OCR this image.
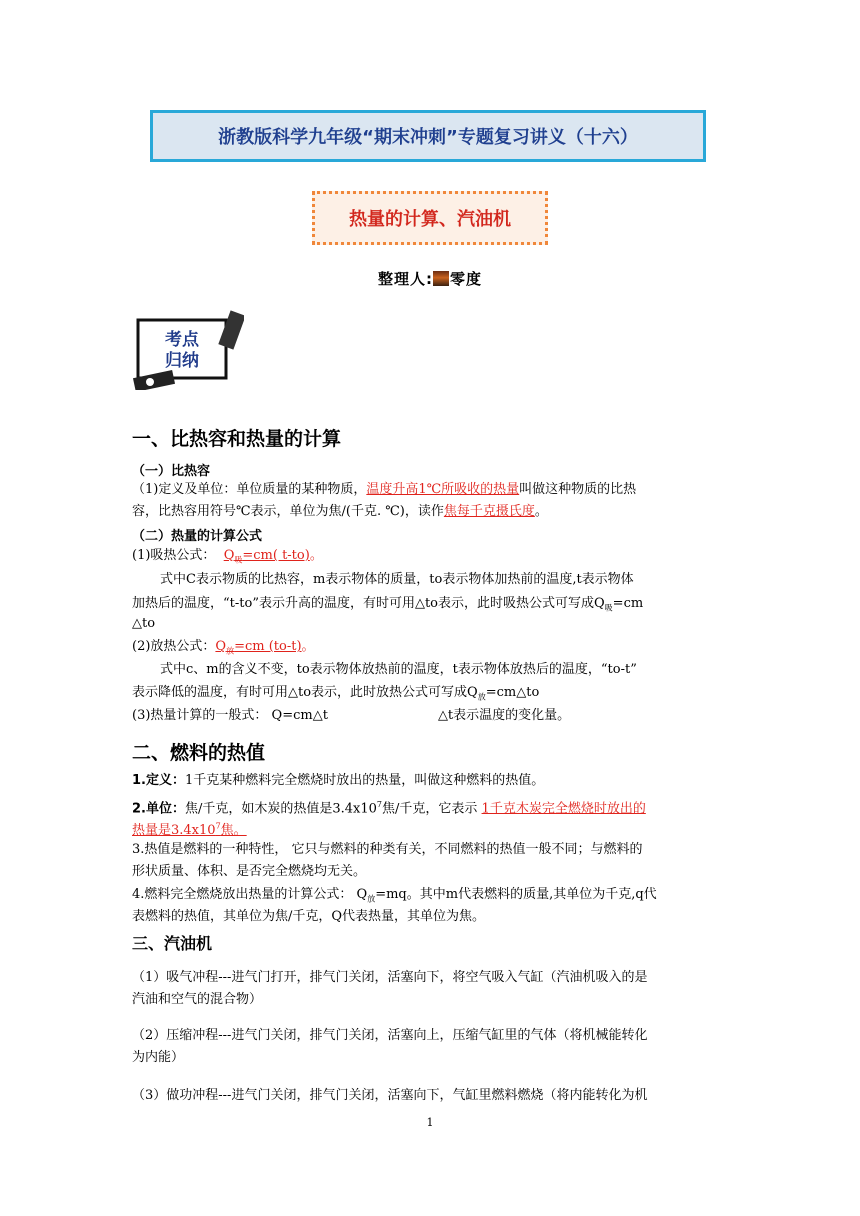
浙教版科学九年级“期末冲刺”专题复习讲义（十六）
热量的计算、汽油机
整理人: 零度
考点
归纳
一、比热容和热量的计算
（一）比热容
（1)定义及单位：单位质量的某种物质，温度升高1℃所吸收的热量叫做这种物质的比热
容，比热容用符号℃表示，单位为焦/(千克. ℃)，读作焦每千克摄氏度。
（二）热量的计算公式
(1)吸热公式： $Q_吸=cm$( t-to)。
式中C表示物质的比热容，m表示物体的质量，to表示物体加热前的温度,t表示物体
加热后的温度，“t-to”表示升高的温度，有时可用△to表示，此时吸热公式可写成$Q_吸=cm$
△to
(2)放热公式：$Q_放=cm$ (to-t)。
式中c、m的含义不变，to表示物体放热前的温度，t表示物体放热后的温度，“to-t”
表示降低的温度，有时可用△to表示，此时放热公式可写成$Q_放=cm\triangle to$
(3)热量计算的一般式： Q=cm△t	△t表示温度的变化量。
二、燃料的热值
1.定义：1千克某种燃料完全燃烧时放出的热量，叫做这种燃料的热值。
2.单位：焦/千克，如木炭的热值是$3.4x10^7$焦/千克，它表示 1千克木炭完全燃烧时放出的
热量是$3.4x10^7$焦。
3.热值是燃料的一种特性， 它只与燃料的种类有关，不同燃料的热值一般不同；与燃料的
形状质量、体积、是否完全燃烧均无关。
4.燃料完全燃烧放出热量的计算公式： $Q_放=mq$。其中m代表燃料的质量,其单位为千克,q代
表燃料的热值，其单位为焦/千克，Q代表热量，其单位为焦。
三、汽油机
（1）吸气冲程---进气门打开，排气门关闭，活塞向下，将空气吸入气缸（汽油机吸入的是
汽油和空气的混合物）
（2）压缩冲程---进气门关闭，排气门关闭，活塞向上，压缩气缸里的气体（将机械能转化
为内能）
（3）做功冲程---进气门关闭，排气门关闭，活塞向下，气缸里燃料燃烧（将内能转化为机
1
